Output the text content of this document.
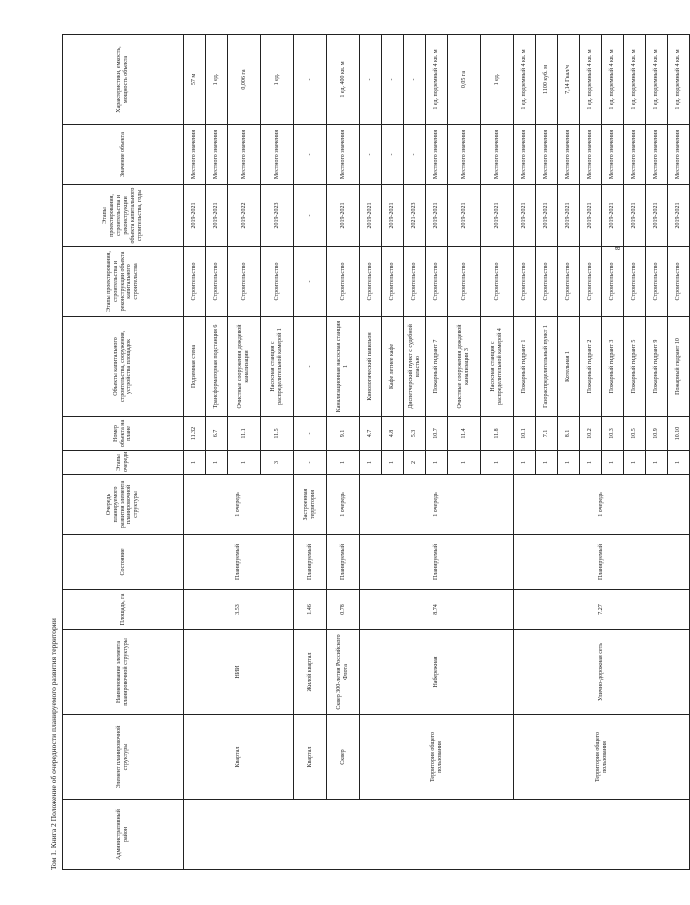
Том 1. Книга 2 Положение об очередности планируемого развития территории	Административный район	Элемент планировочной структуры	Наименование элемента планировочной структуры	Площадь, га	Состояние	Очередь планируемого развития элемента планировочной структуры	Этапы очереди	Номер объекта на плане	Объекты капитального строительства, сооружения, устройства площадок	Этапы проектирования, строительства и реконструкции объекта капитального строительства	Этапы проектирования, строительства и реконструкции объекта капитального строительства, годы	Значение объекта	Характеристики, емкость, мощность объекта
	Квартал	НИИ	3.53	Планируемый	1 очередь	1	11.32	Подземная стена	Строительство	2019-2021	Местного значения	57 м
						1	6.7	Трансформаторная подстанция 6	Строительство	2019-2021	Местного значения	1 ед.
						1	11.1	Очистные сооружения дождевой канализации	Строительство	2019-2022	Местного значения	0,006 га
						3	11.5	Насосная станция с распределительной камерой 1	Строительство	2019-2023	Местного значения	1 ед.
	Квартал	Жилой квартал	1.46	Планируемый	Застроенная территория	-	-	-	-	-	-	-
	Сквер	Сквер 300-летия Российского Флота	0.78	Планируемый	1 очередь	1	9.1	Канализационная насосная станция 1	Строительство	2019-2021	Местного значения	1 ед. 400 кв. м
	Территория общего пользования	Набережная	8.74	Планируемый	1 очередь	1	4.7	Кинологический павильон	Строительство	2019-2021	-	-
						1	4.8	Кафе летнее кафе	Строительство	2019-2021	-	-
						2	5.3	Диспетчерский пункт с судебной властью	Строительство	2021-2023	-	-
						1	10.7	Пожарный гидрант 7	Строительство	2019-2021	Местного значения	1 ед. подземный 4 кв. м
						1	11.4	Очистные сооружения дождевой канализации 3	Строительство	2019-2021	Местного значения	0,05 га
						1	11.8	Насосная станция с распределительной камерой 4	Строительство	2019-2021	Местного значения	1 ед.
	Территория общего пользования	Улично-дорожная сеть	7.27	Планируемый	1 очередь	1	10.1	Пожарный гидрант 1	Строительство	2019-2021	Местного значения	1 ед. подземный 4 кв. м
						1	7.1	Газораспределительный пункт 1	Строительство	2019-2021	Местного значения	1100 куб. м
						1	8.1	Котельная 1	Строительство	2019-2021	Местного значения	7,14 Гкал/ч
						1	10.2	Пожарный гидрант 2	Строительство	2019-2021	Местного значения	1 ед. подземный 4 кв. м
						1	10.3	Пожарный гидрант 3	Строительство	2019-2021	Местного значения	1 ед. подземный 4 кв. м
						1	10.5	Пожарный гидрант 5	Строительство	2019-2021	Местного значения	1 ед. подземный 4 кв. м
						1	10.9	Пожарный гидрант 9	Строительство	2019-2021	Местного значения	1 ед. подземный 4 кв. м
						1	10.10	Пожарный гидрант 10	Строительство	2019-2021	Местного значения	1 ед. подземный 4 кв. м
8
